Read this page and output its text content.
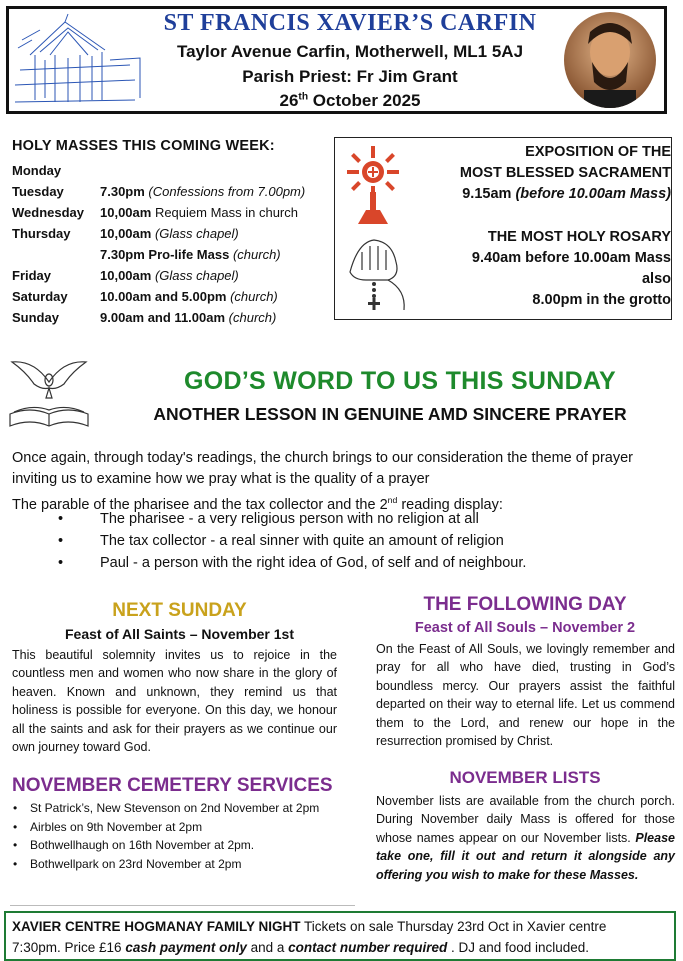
ST FRANCIS XAVIER’S CARFIN
Taylor Avenue Carfin, Motherwell, ML1 5AJ
Parish Priest: Fr Jim Grant
26th October 2025
HOLY MASSES THIS COMING WEEK:
Monday
Tuesday	7.30pm (Confessions from 7.00pm)
Wednesday 10,00am Requiem Mass in church
Thursday 10,00am (Glass chapel)
7.30pm Pro-life Mass (church)
Friday	10,00am (Glass chapel)
Saturday 10.00am and 5.00pm (church)
Sunday	9.00am and 11.00am (church)
EXPOSITION OF THE
MOST BLESSED SACRAMENT
9.15am (before 10.00am Mass)
THE MOST HOLY ROSARY
9.40am before 10.00am Mass
also
8.00pm in the grotto
GOD’S WORD TO US THIS SUNDAY
ANOTHER LESSON IN GENUINE AMD SINCERE PRAYER
Once again, through today's readings, the church brings to our consideration the theme of prayer inviting us to examine how we pray what is the quality of a prayer
The parable of the pharisee and the tax collector and the 2nd reading display:
•	The pharisee - a very religious person with no religion at all
•	The tax collector - a real sinner with quite an amount of religion
•	Paul - a person with the right idea of God, of self and of neighbour.
NEXT SUNDAY
Feast of All Saints – November 1st
This beautiful solemnity invites us to rejoice in the countless men and women who now share in the glory of heaven. Known and unknown, they remind us that holiness is possible for everyone. On this day, we honour all the saints and ask for their prayers as we continue our own journey toward God.
NOVEMBER CEMETERY SERVICES
• St Patrick’s, New Stevenson on 2nd November at 2pm
• Airbles on 9th November at 2pm
• Bothwellhaugh on 16th November at 2pm.
• Bothwellpark on 23rd November at 2pm
THE FOLLOWING DAY
Feast of All Souls – November 2
On the Feast of All Souls, we lovingly remember and pray for all who have died, trusting in God’s boundless mercy. Our prayers assist the faithful departed on their way to eternal life. Let us commend them to the Lord, and renew our hope in the resurrection promised by Christ.
NOVEMBER LISTS
November lists are available from the church porch. During November daily Mass is offered for those whose names appear on our November lists. Please take one, fill it out and return it alongside any offering you wish to make for these Masses.
XAVIER CENTRE HOGMANAY FAMILY NIGHT Tickets on sale Thursday 23rd Oct in Xavier centre
7:30pm. Price £16 cash payment only and a contact number required . DJ and food included.
